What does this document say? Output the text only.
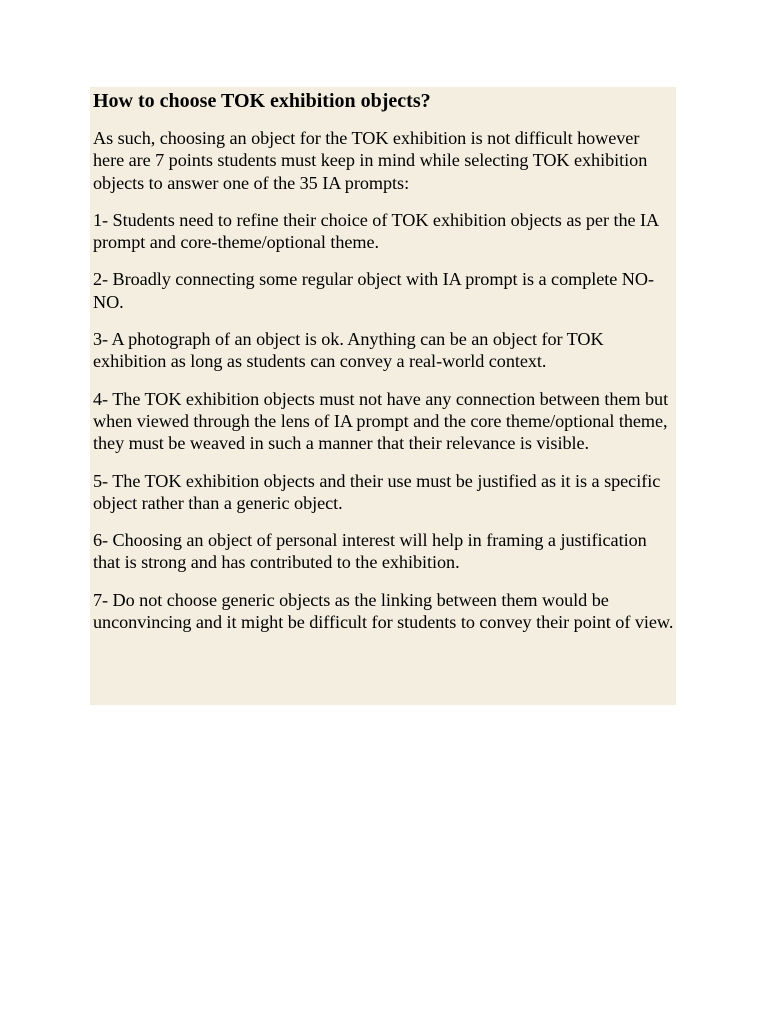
How to choose TOK exhibition objects?

As such, choosing an object for the TOK exhibition is not difficult however here are 7 points students must keep in mind while selecting TOK exhibition objects to answer one of the 35 IA prompts:

1- Students need to refine their choice of TOK exhibition objects as per the IA prompt and core-theme/optional theme.

2- Broadly connecting some regular object with IA prompt is a complete NO-NO.

3- A photograph of an object is ok. Anything can be an object for TOK exhibition as long as students can convey a real-world context.

4- The TOK exhibition objects must not have any connection between them but when viewed through the lens of IA prompt and the core theme/optional theme, they must be weaved in such a manner that their relevance is visible.

5- The TOK exhibition objects and their use must be justified as it is a specific object rather than a generic object.

6- Choosing an object of personal interest will help in framing a justification that is strong and has contributed to the exhibition.

7- Do not choose generic objects as the linking between them would be unconvincing and it might be difficult for students to convey their point of view.
